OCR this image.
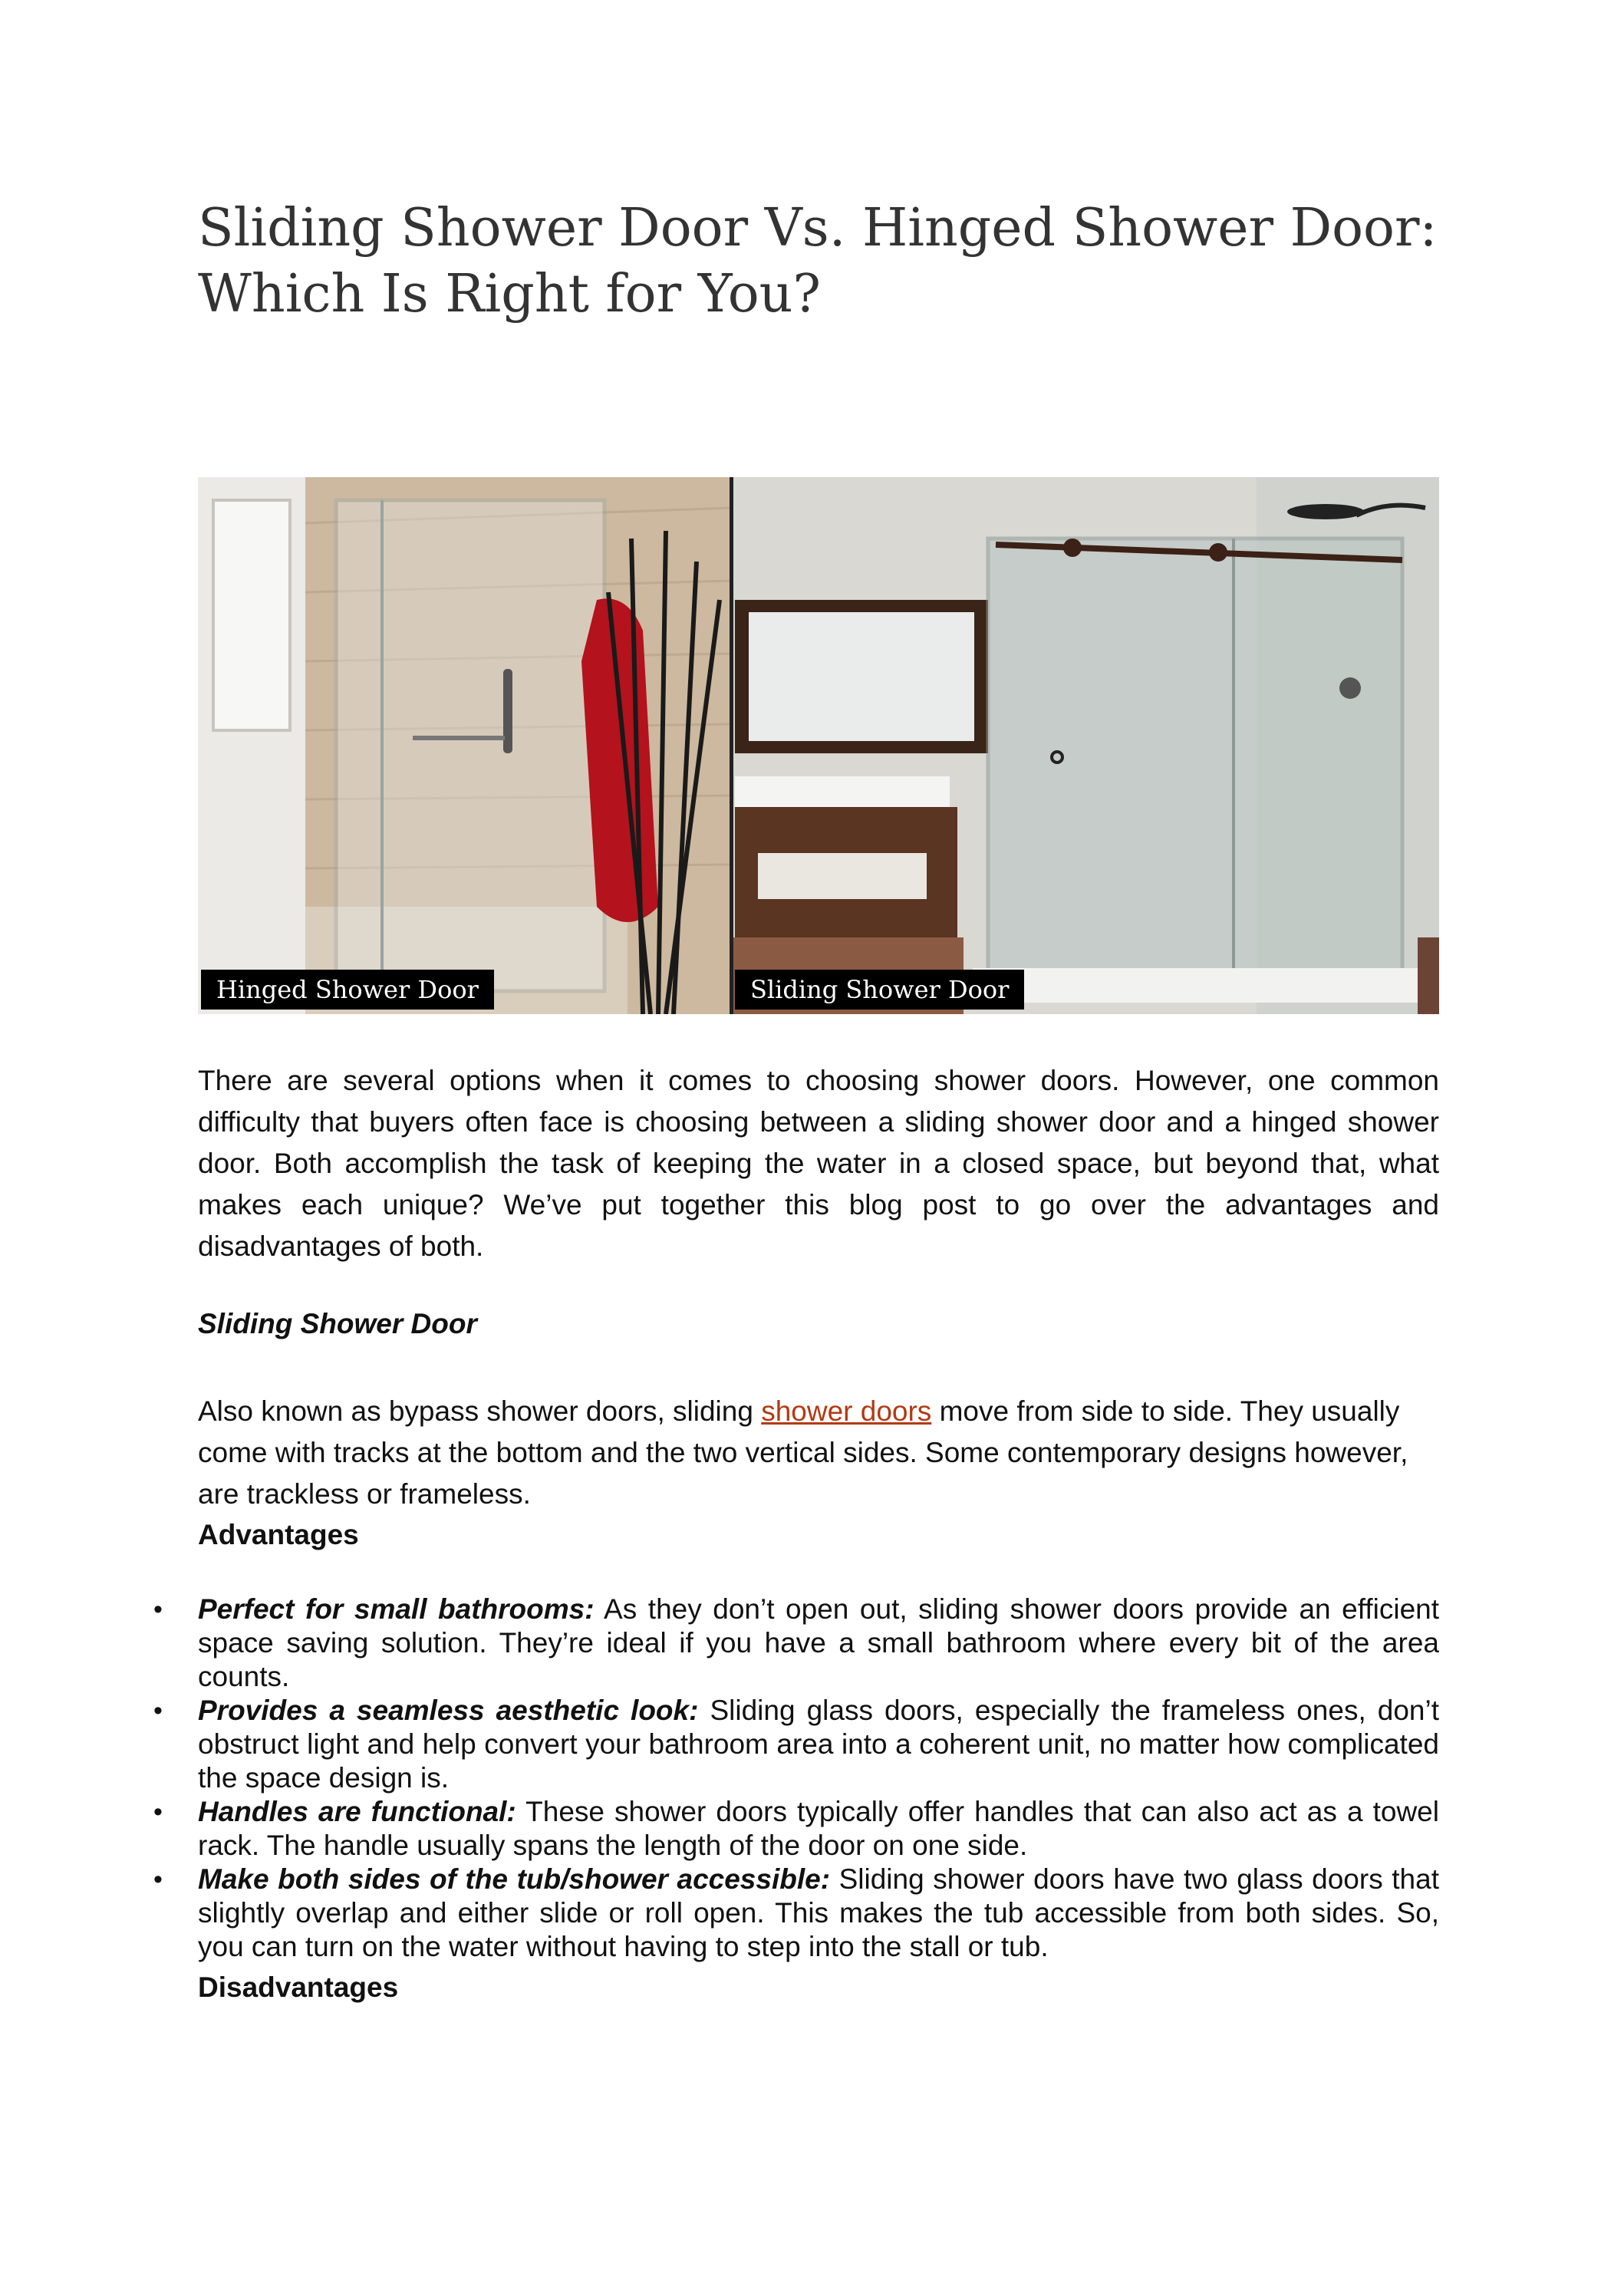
Sliding Shower Door Vs. Hinged Shower Door:
Which Is Right for You?
Hinged Shower Door	Sliding Shower Door

There are several options when it comes to choosing shower doors. However, one common difficulty that buyers often face is choosing between a sliding shower door and a hinged shower door. Both accomplish the task of keeping the water in a closed space, but beyond that, what makes each unique? We’ve put together this blog post to go over the advantages and disadvantages of both.

Sliding Shower Door

Also known as bypass shower doors, sliding shower doors move from side to side. They usually come with tracks at the bottom and the two vertical sides. Some contemporary designs however, are trackless or frameless.

Advantages

• Perfect for small bathrooms: As they don’t open out, sliding shower doors provide an efficient space saving solution. They’re ideal if you have a small bathroom where every bit of the area counts.
• Provides a seamless aesthetic look: Sliding glass doors, especially the frameless ones, don’t obstruct light and help convert your bathroom area into a coherent unit, no matter how complicated the space design is.
• Handles are functional: These shower doors typically offer handles that can also act as a towel rack. The handle usually spans the length of the door on one side.
• Make both sides of the tub/shower accessible: Sliding shower doors have two glass doors that slightly overlap and either slide or roll open. This makes the tub accessible from both sides. So, you can turn on the water without having to step into the stall or tub.

Disadvantages
